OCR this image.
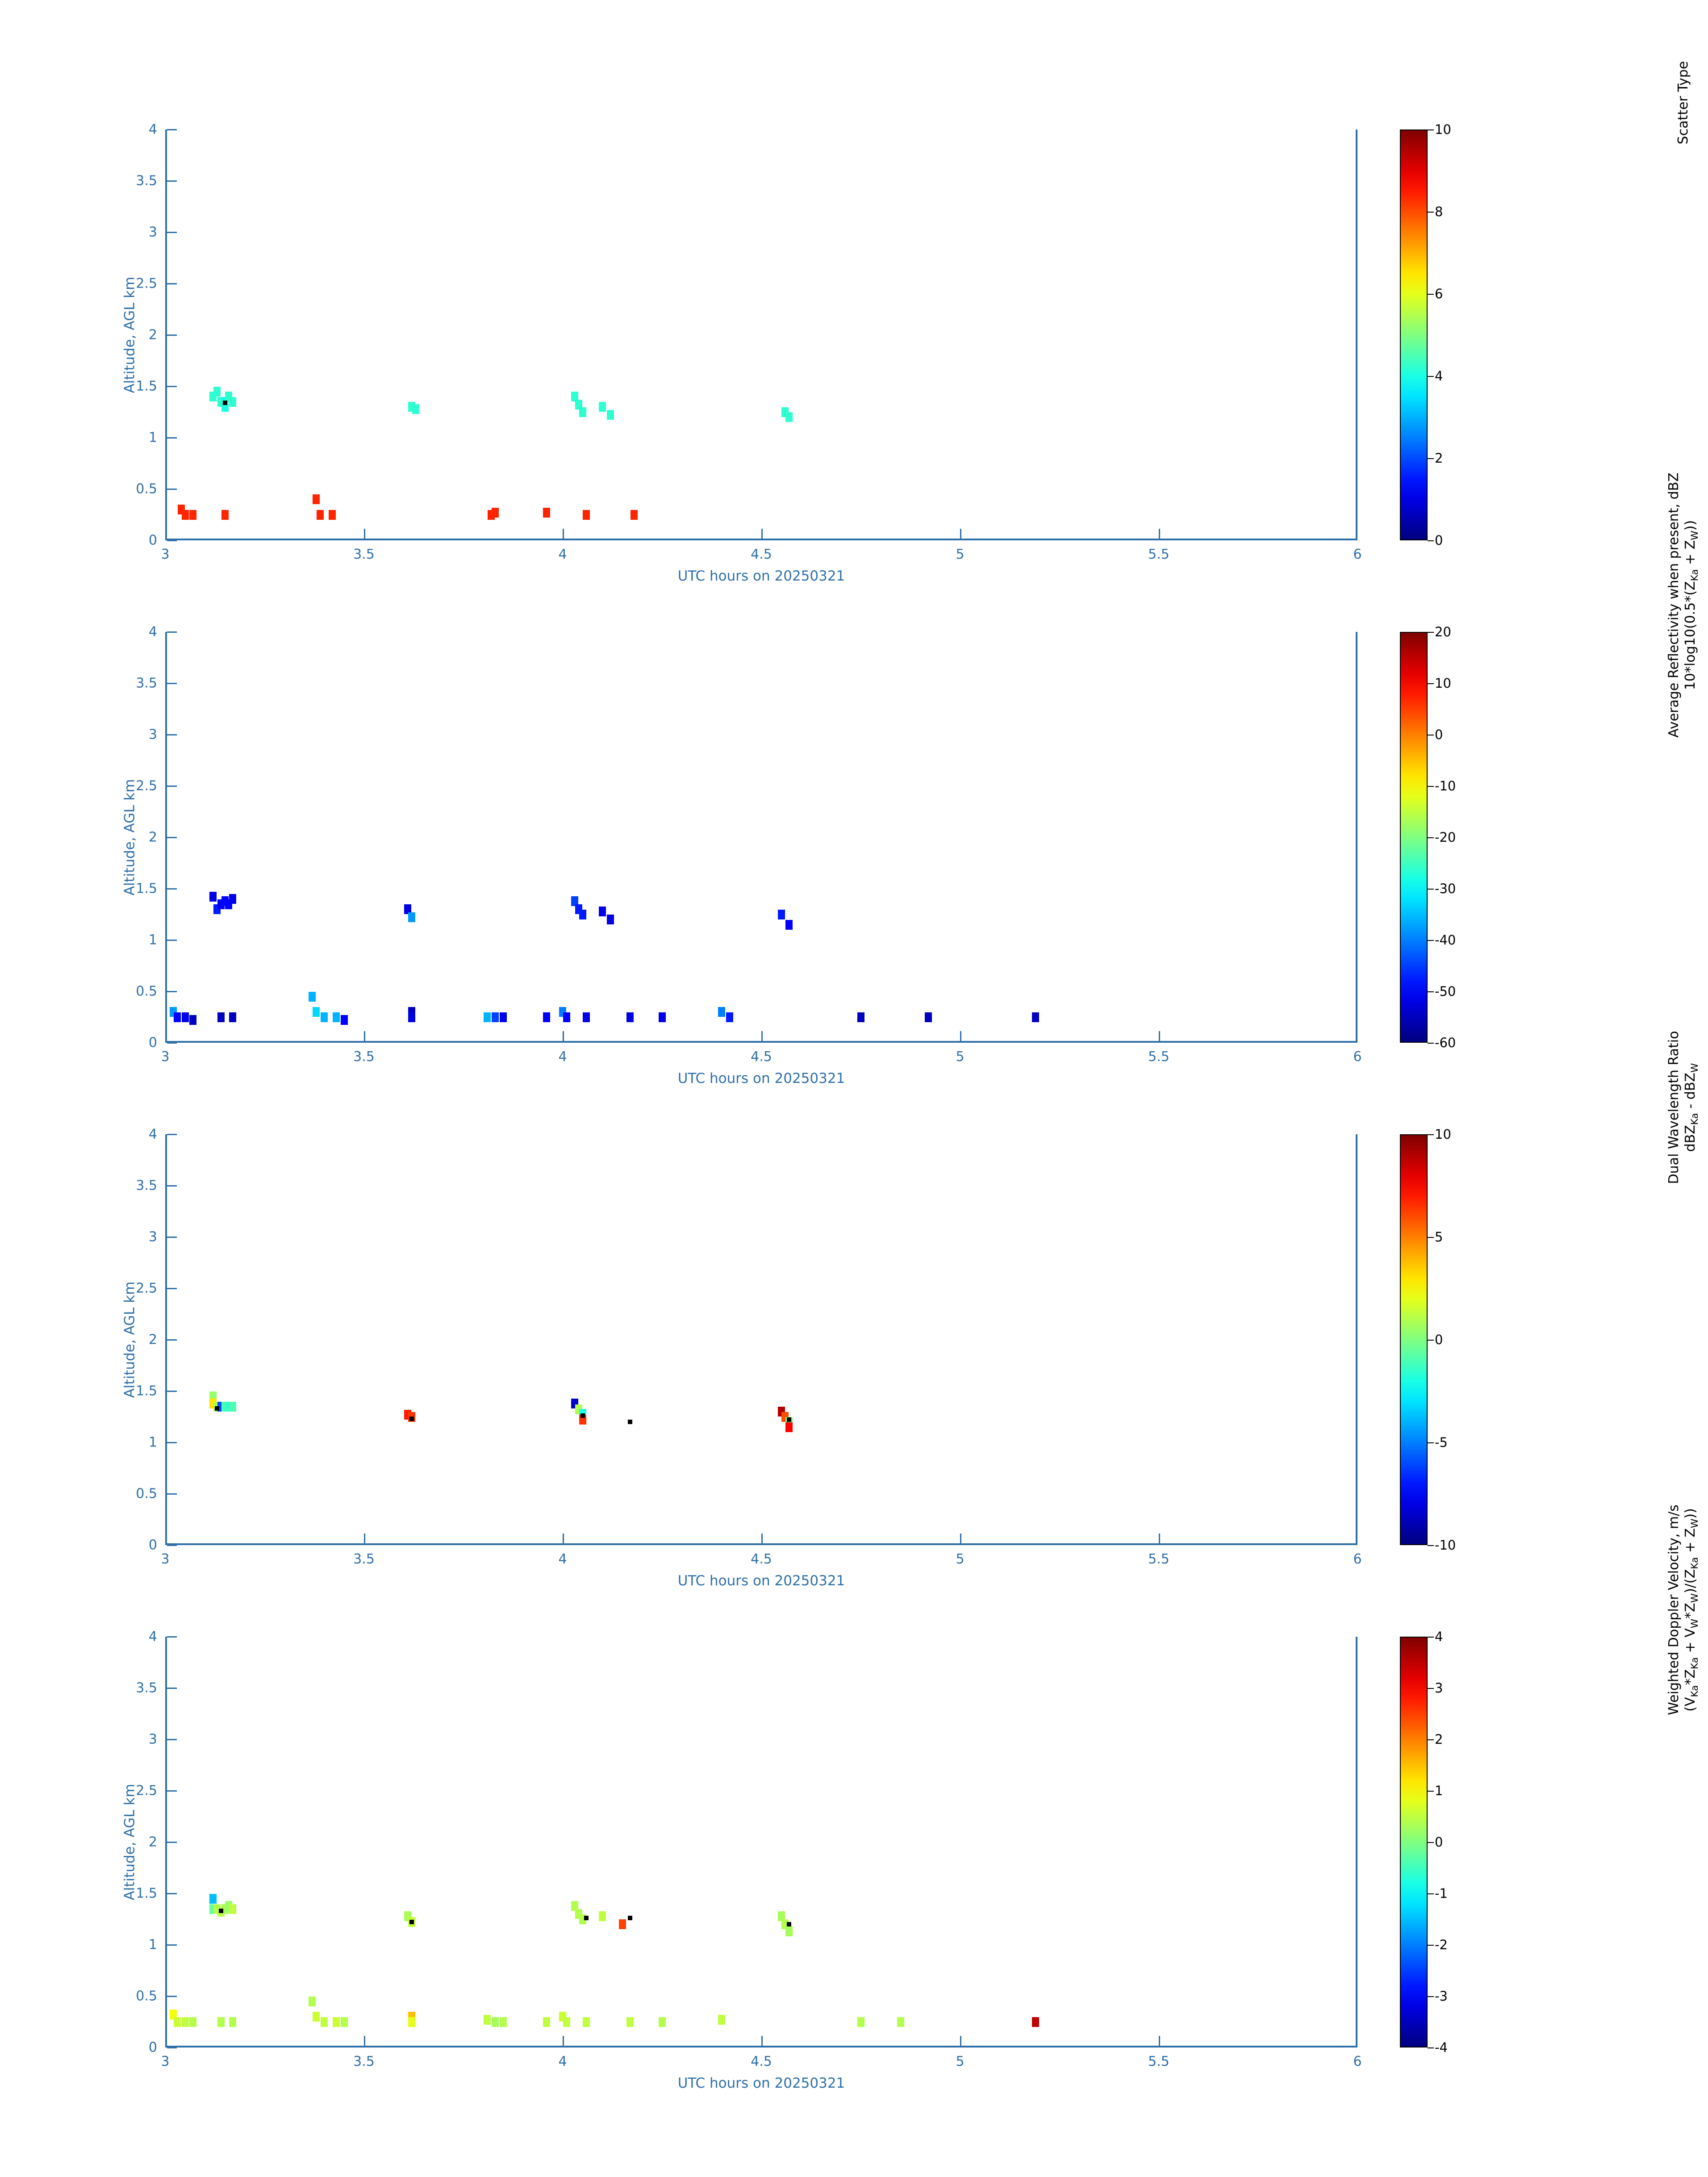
Altitude, AGL km
UTC hours on 20250321
0
0.5
1
1.5
2
2.5
3
3.5
4
3	3.5	4	4.5	5	5.5	6
0
2
4
6
8
10	Scatter Type
Altitude, AGL km
UTC hours on 20250321
0
0.5
1
1.5
2
2.5
3
3.5
4
3	3.5	4	4.5	5	5.5	6
-60
-50
-40
-30
-20
-10
0
10
20	Average Reflectivity when present, dBZ $10*\log 10(0.5*(Z_{Ka} + Z_W))$
Altitude, AGL km
UTC hours on 20250321
0
0.5
1
1.5
2
2.5
3
3.5
4
3	3.5	4	4.5	5	5.5	6
-10
-5
0
5
10	Dual Wavelength Ratio dBZ$_{Ka}$ - dBZ$_W$
Altitude, AGL km
UTC hours on 20250321
0
0.5
1
1.5
2
2.5
3
3.5
4
3	3.5	4	4.5	5	5.5	6
-4
-3
-2
-1
0
1
2
3
4	Weighted Doppler Velocity, m/s $(V_{Ka}*Z_{Ka} + V_W*Z_W)/(Z_{Ka} + Z_W)$)
